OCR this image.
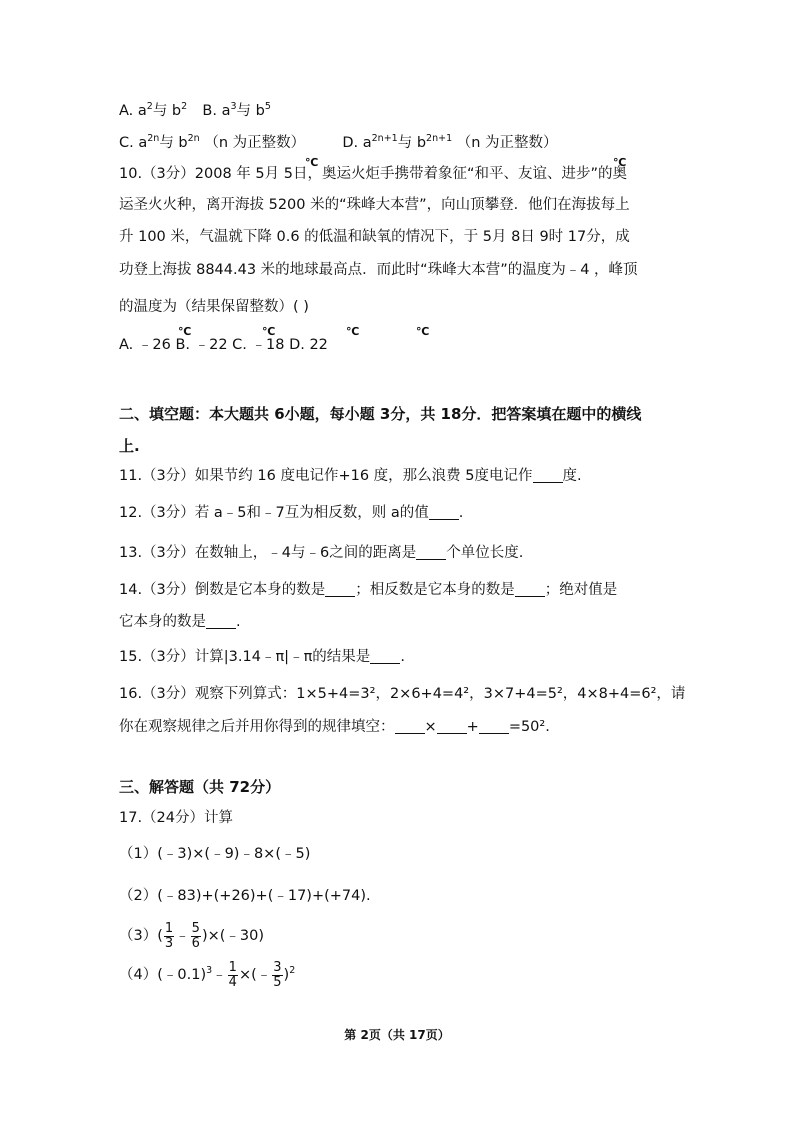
A. $a^2$与 $b^2$ B. $a^3$与 $b^5$
C. $a^{2n}$与 $b^{2n}$ （n 为正整数）	D. $a^{2n+1}$与 $b^{2n+1}$ （n 为正整数）
10.（3分）2008 年 5月 5日，奥运火炬手携带着象征“和平、友谊、进步”的奥
℃	℃
运圣火火种，离开海拔 5200 米的“珠峰大本营”，向山顶攀登．他们在海拔每上
升 100 米，气温就下降 0.6 的低温和缺氧的情况下，于 5月 8日 9时 17分，成
功登上海拔 8844.43 米的地球最高点．而此时“珠峰大本营”的温度为﹣4 ，峰顶
的温度为（结果保留整数）( )
℃	℃	℃	℃
A. ﹣26 B. ﹣22 C. ﹣18 D. 22
二、填空题：本大题共 6小题，每小题 3分，共 18分．把答案填在题中的横线
上.
11.（3分）如果节约 16 度电记作+16 度，那么浪费 5度电记作 度.
12.（3分）若 a﹣5和﹣7互为相反数，则 a的值 .
13.（3分）在数轴上，﹣4与﹣6之间的距离是 个单位长度.
14.（3分）倒数是它本身的数是 ；相反数是它本身的数是 ；绝对值是
它本身的数是 .
15.（3分）计算|3.14﹣π|﹣π的结果是 .
16.（3分）观察下列算式：1×5+4=3²，2×6+4=4²，3×7+4=5²，4×8+4=6²，请
你在观察规律之后并用你得到的规律填空： × + =50².
三、解答题（共 72分）
17.（24分）计算
（1）(﹣3)×(﹣9)﹣8×(﹣5)
（2）(﹣83)+(+26)+(﹣17)+(+74).
$(3)( \frac{1}{3}$ ﹣ $\frac{5}{6}$ )×(﹣30)
（4）(﹣0.1)$^3$﹣ $\frac{1}{4}$ ×(﹣ $\frac{3}{5} )^2$
第 2页（共 17页）
